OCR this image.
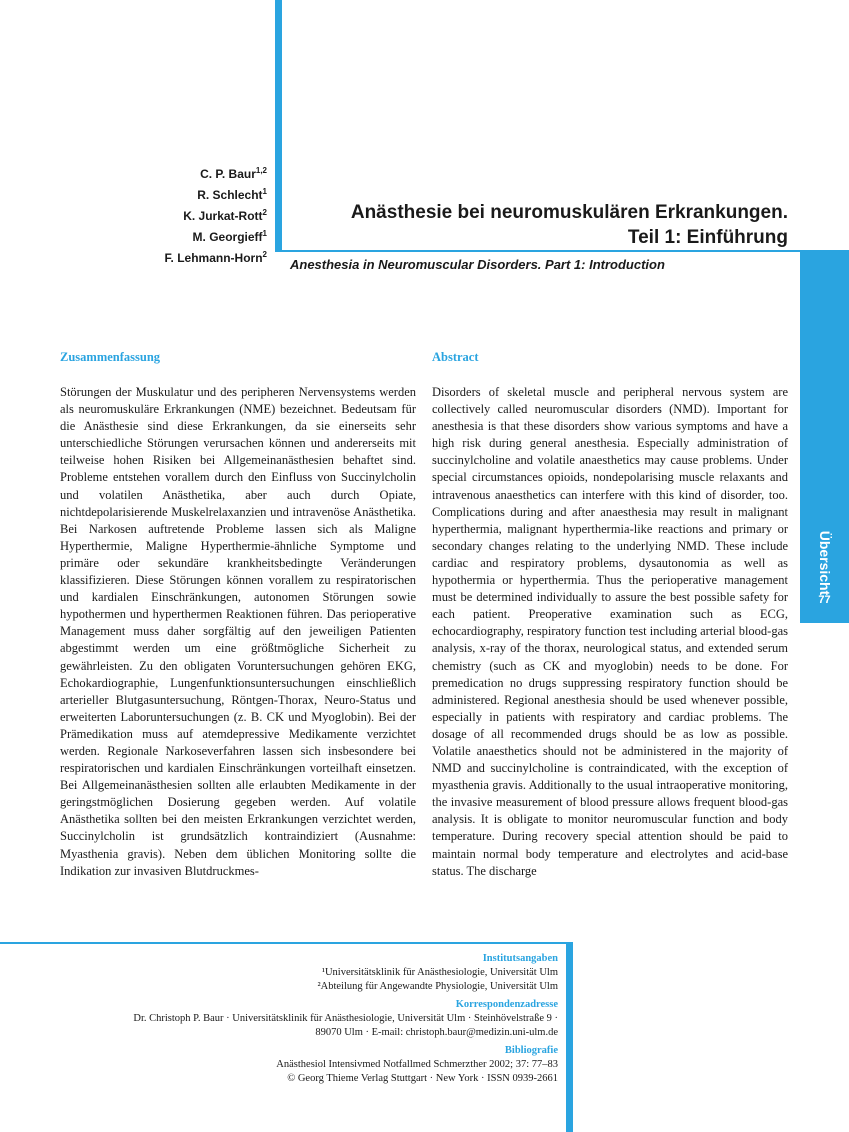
Übersicht
77
C. P. Baur$^{1,2}$
R. Schlecht$^1$
K. Jurkat-Rott$^2$
M. Georgieff$^1$
F. Lehmann-Horn$^2$
Anästhesie bei neuromuskulären Erkrankungen.
Teil 1: Einführung
Anesthesia in Neuromuscular Disorders. Part 1: Introduction
Zusammenfassung

Störungen der Muskulatur und des peripheren Nervensystems werden als neuromuskuläre Erkrankungen (NME) bezeichnet. Bedeutsam für die Anästhesie sind diese Erkrankungen, da sie einerseits sehr unterschiedliche Störungen verursachen können und andererseits mit teilweise hohen Risiken bei Allgemeinanästhesien behaftet sind. Probleme entstehen vorallem durch den Einfluss von Succinylcholin und volatilen Anästhetika, aber auch durch Opiate, nichtdepolarisierende Muskelrelaxanzien und intravenöse Anästhetika. Bei Narkosen auftretende Probleme lassen sich als Maligne Hyperthermie, Maligne Hyperthermie-ähnliche Symptome und primäre oder sekundäre krankheitsbedingte Veränderungen klassifizieren. Diese Störungen können vorallem zu respiratorischen und kardialen Einschränkungen, autonomen Störungen sowie hypothermen und hyperthermen Reaktionen führen. Das perioperative Management muss daher sorgfältig auf den jeweiligen Patienten abgestimmt werden um eine größtmögliche Sicherheit zu gewährleisten. Zu den obligaten Voruntersuchungen gehören EKG, Echokardiographie, Lungenfunktionsuntersuchungen einschließlich arterieller Blutgasuntersuchung, Röntgen-Thorax, Neuro-Status und erweiterten Laboruntersuchungen (z. B. CK und Myoglobin). Bei der Prämedikation muss auf atemdepressive Medikamente verzichtet werden. Regionale Narkoseverfahren lassen sich insbesondere bei respiratorischen und kardialen Einschränkungen vorteilhaft einsetzen. Bei Allgemeinanästhesien sollten alle erlaubten Medikamente in der geringstmöglichen Dosierung gegeben werden. Auf volatile Anästhetika sollten bei den meisten Erkrankungen verzichtet werden, Succinylcholin ist grundsätzlich kontraindiziert (Ausnahme: Myasthenia gravis). Neben dem üblichen Monitoring sollte die Indikation zur invasiven Blutdruckmes-

Abstract

Disorders of skeletal muscle and peripheral nervous system are collectively called neuromuscular disorders (NMD). Important for anesthesia is that these disorders show various symptoms and have a high risk during general anesthesia. Especially administration of succinylcholine and volatile anaesthetics may cause problems. Under special circumstances opioids, nondepolarising muscle relaxants and intravenous anaesthetics can interfere with this kind of disorder, too. Complications during and after anaesthesia may result in malignant hyperthermia, malignant hyperthermia-like reactions and primary or secondary changes relating to the underlying NMD. These include cardiac and respiratory problems, dysautonomia as well as hypothermia or hyperthermia. Thus the perioperative management must be determined individually to assure the best possible safety for each patient. Preoperative examination such as ECG, echocardiography, respiratory function test including arterial blood-gas analysis, x-ray of the thorax, neurological status, and extended serum chemistry (such as CK and myoglobin) needs to be done. For premedication no drugs suppressing respiratory function should be administered. Regional anesthesia should be used whenever possible, especially in patients with respiratory and cardiac problems. The dosage of all recommended drugs should be as low as possible. Volatile anaesthetics should not be administered in the majority of NMD and succinylcholine is contraindicated, with the exception of myasthenia gravis. Additionally to the usual intraoperative monitoring, the invasive measurement of blood pressure allows frequent blood-gas analysis. It is obligate to monitor neuromuscular function and body temperature. During recovery special attention should be paid to maintain normal body temperature and electrolytes and acid-base status. The discharge

Institutsangaben
¹Universitätsklinik für Anästhesiologie, Universität Ulm
²Abteilung für Angewandte Physiologie, Universität Ulm
Korrespondenzadresse
Dr. Christoph P. Baur · Universitätsklinik für Anästhesiologie, Universität Ulm · Steinhövelstraße 9 ·
89070 Ulm · E-mail: christoph.baur@medizin.uni-ulm.de
Bibliografie
Anästhesiol Intensivmed Notfallmed Schmerzther 2002; 37: 77–83
© Georg Thieme Verlag Stuttgart · New York · ISSN 0939-2661
